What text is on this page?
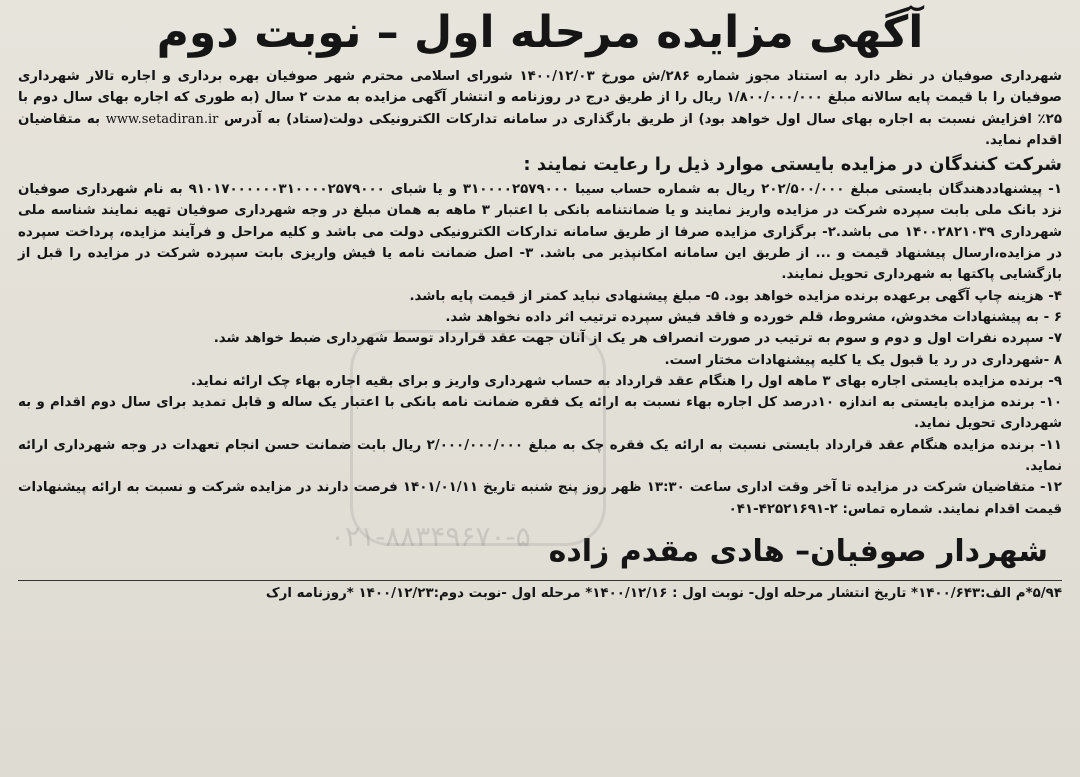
۰۲۱-۸۸۳۴۹۶۷۰-۵
آگهی مزایده مرحله اول – نوبت دوم

شهرداری صوفیان در نظر دارد به استناد مجوز شماره ۲۸۶/ش مورخ ۱۴۰۰/۱۲/۰۳ شورای اسلامی محترم شهر صوفیان بهره برداری و اجاره تالار شهرداری صوفیان را با قیمت پایه سالانه مبلغ ۱/۸۰۰/۰۰۰/۰۰۰ ریال را از طریق درج در روزنامه و انتشار آگهی مزایده به مدت ۲ سال (به طوری که اجاره بهای سال دوم با ۲۵٪ افزایش نسبت به اجاره بهای سال اول خواهد بود) از طریق بارگذاری در سامانه تدارکات الکترونیکی دولت(ستاد) به آدرس www.setadiran.ir به متقاضیان اقدام نماید.

شرکت کنندگان در مزایده بایستی موارد ذیل را رعایت نمایند :
۱- پیشنهاددهندگان بایستی مبلغ ۲۰۲/۵۰۰/۰۰۰ ریال به شماره حساب سیبا ۳۱۰۰۰۰۲۵۷۹۰۰۰ و یا شبای ۹۱۰۱۷۰۰۰۰۰۰۳۱۰۰۰۰۲۵۷۹۰۰۰ به نام شهرداری صوفیان نزد بانک ملی بابت سپرده شرکت در مزایده واریز نمایند و یا ضمانتنامه بانکی با اعتبار ۳ ماهه به همان مبلغ در وجه شهرداری صوفیان تهیه نمایند شناسه ملی شهرداری ۱۴۰۰۲۸۲۱۰۳۹ می باشد.۲- برگزاری مزایده صرفا از طریق سامانه تدارکات الکترونیکی دولت می باشد و کلیه مراحل و فرآیند مزایده، پرداخت سپرده در مزایده،ارسال پیشنهاد قیمت و ... از طریق این سامانه امکانپذیر می باشد. ۳- اصل ضمانت نامه یا فیش واریزی بابت سپرده شرکت در مزایده را قبل از بازگشایی پاکتها به شهرداری تحویل نمایند.
۴- هزینه چاپ آگهی برعهده برنده مزایده خواهد بود. ۵- مبلغ پیشنهادی نباید کمتر از قیمت پایه باشد.
۶ - به پیشنهادات مخدوش، مشروط، قلم خورده و فاقد فیش سپرده ترتیب اثر داده نخواهد شد.
۷- سپرده نفرات اول و دوم و سوم به ترتیب در صورت انصراف هر یک از آنان جهت عقد قرارداد توسط شهرداری ضبط خواهد شد.
۸ -شهرداری در رد یا قبول یک یا کلیه پیشنهادات مختار است.
۹- برنده مزایده بایستی اجاره بهای ۳ ماهه اول را هنگام عقد قرارداد به حساب شهرداری واریز و برای بقیه اجاره بهاء چک ارائه نماید.
۱۰- برنده مزایده بایستی به اندازه ۱۰درصد کل اجاره بهاء نسبت به ارائه یک فقره ضمانت نامه بانکی با اعتبار یک ساله و قابل تمدید برای سال دوم اقدام و به شهرداری تحویل نماید.
۱۱- برنده مزایده هنگام عقد قرارداد بایستی نسبت به ارائه یک فقره چک به مبلغ ۲/۰۰۰/۰۰۰/۰۰۰ ریال بابت ضمانت حسن انجام تعهدات در وجه شهرداری ارائه نماید.
۱۲- متقاضیان شرکت در مزایده تا آخر وقت اداری ساعت ۱۳:۳۰ ظهر روز پنج شنبه تاریخ ۱۴۰۱/۰۱/۱۱ فرصت دارند در مزایده شرکت و نسبت به ارائه پیشنهادات قیمت اقدام نمایند. شماره تماس: ۲-۴۲۵۲۱۶۹۱-۰۴۱
شهردار صوفیان– هادی مقدم زاده
۵/۹۴*م الف:۱۴۰۰/۶۴۳* تاریخ انتشار مرحله اول- نوبت اول : ۱۴۰۰/۱۲/۱۶* مرحله اول -نوبت دوم:۱۴۰۰/۱۲/۲۳ *روزنامه ارک
